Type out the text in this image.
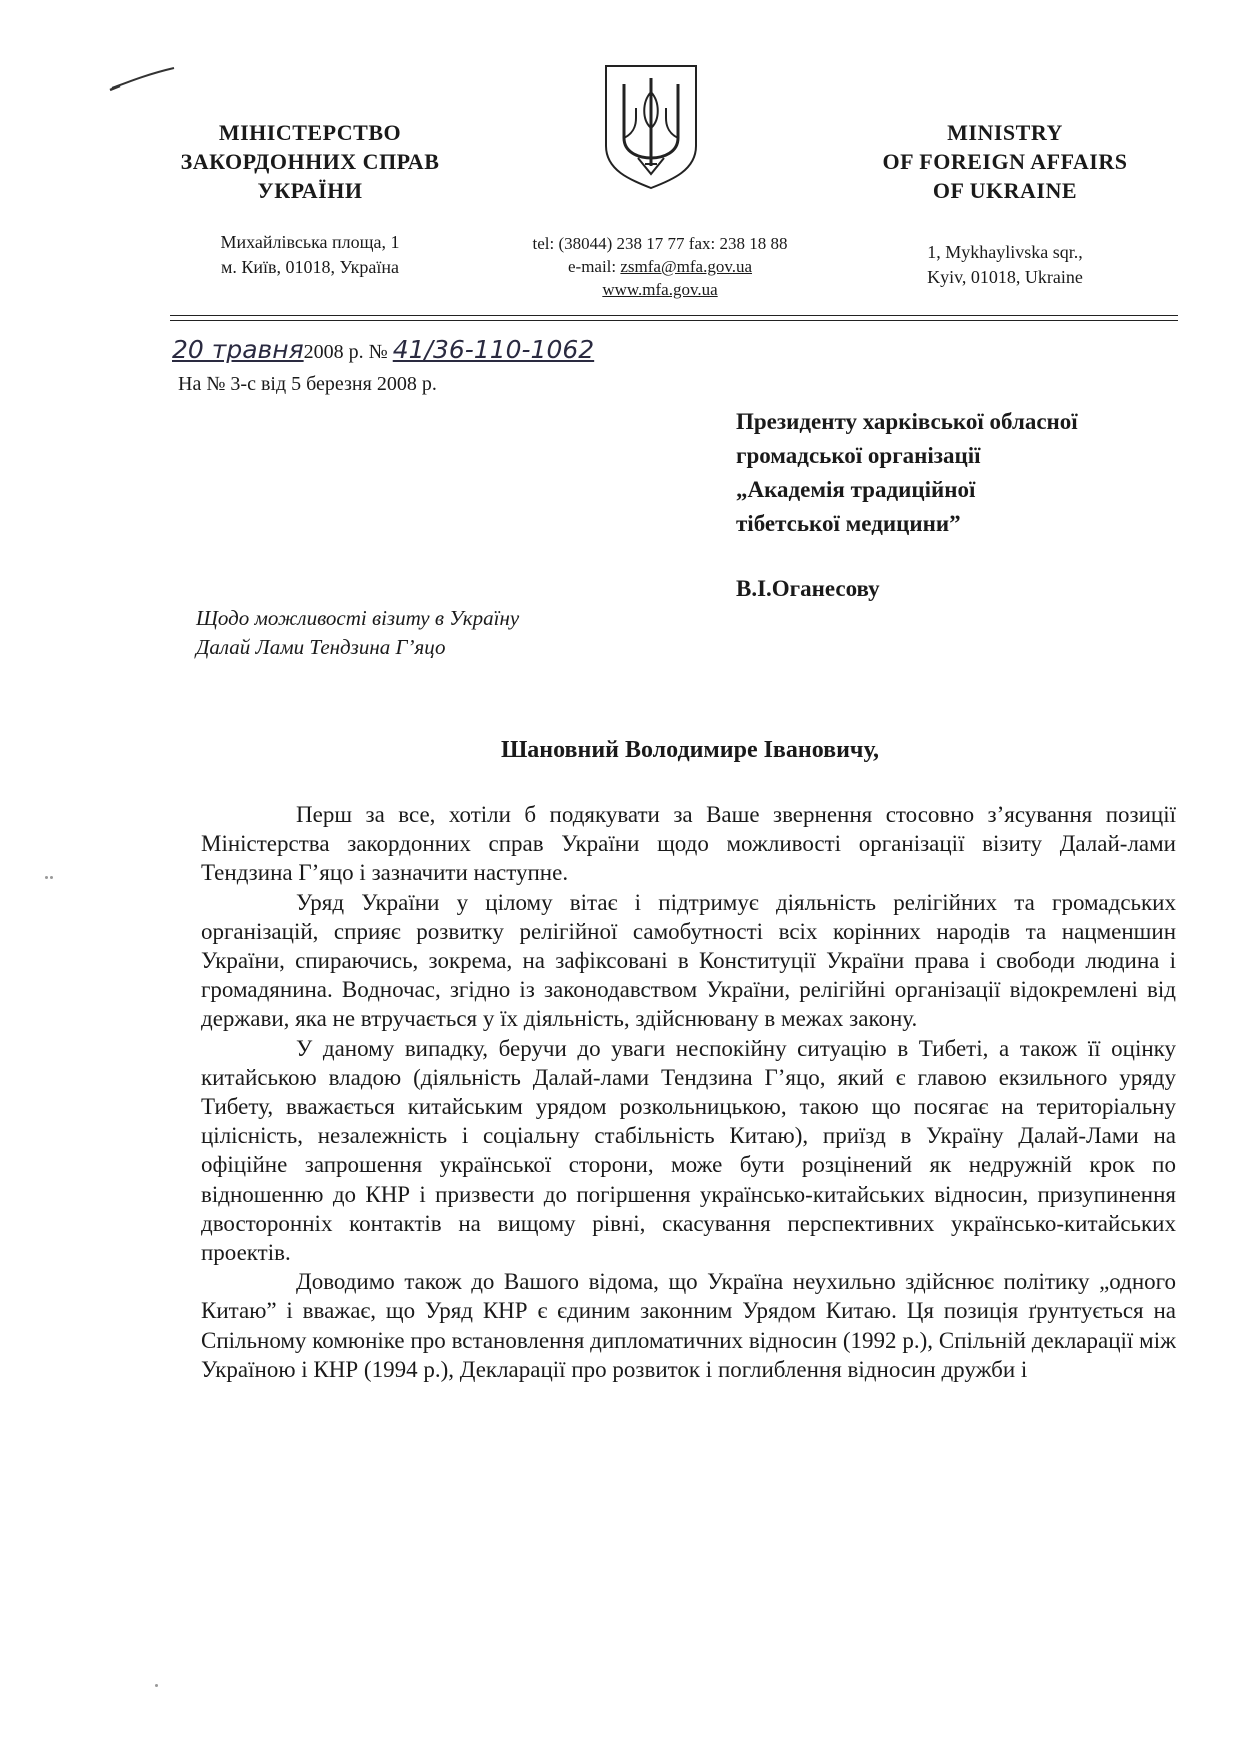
МІНІСТЕРСТВО
ЗАКОРДОННИХ СПРАВ
УКРАЇНИ
Михайлівська площа, 1
м. Київ, 01018, Україна
tel: (38044) 238 17 77 fax: 238 18 88
e-mail: zsmfa@mfa.gov.ua
www.mfa.gov.ua
MINISTRY
OF FOREIGN AFFAIRS
OF UKRAINE
1, Mykhaylivska sqr.,
Kyiv, 01018, Ukraine
20 травня2008 р. № 41/36-110-1062
На № 3-с від 5 березня 2008 р.
Президенту харківської обласної
громадської організації
„Академія традиційної
тібетської медицини”
В.І.Оганесову
Щодо можливості візиту в Україну
Далай Лами Тендзина Г’яцо
Шановний Володимире Івановичу,

Перш за все, хотіли б подякувати за Ваше звернення стосовно з’ясування позиції Міністерства закордонних справ України щодо можливості організації візиту Далай-лами Тендзина Г’яцо і зазначити наступне.

Уряд України у цілому вітає і підтримує діяльність релігійних та громадських організацій, сприяє розвитку релігійної самобутності всіх корінних народів та нацменшин України, спираючись, зокрема, на зафіксовані в Конституції України права і свободи людина і громадянина. Водночас, згідно із законодавством України, релігійні організації відокремлені від держави, яка не втручається у їх діяльність, здійснювану в межах закону.

У даному випадку, беручи до уваги неспокійну ситуацію в Тибеті, а також її оцінку китайською владою (діяльність Далай-лами Тендзина Г’яцо, який є главою екзильного уряду Тибету, вважається китайським урядом розкольницькою, такою що посягає на територіальну цілісність, незалежність і соціальну стабільність Китаю), приїзд в Україну Далай-Лами на офіційне запрошення української сторони, може бути розцінений як недружній крок по відношенню до КНР і призвести до погіршення українсько-китайських відносин, призупинення двосторонніх контактів на вищому рівні, скасування перспективних українсько-китайських проектів.

Доводимо також до Вашого відома, що Україна неухильно здійснює політику „одного Китаю” і вважає, що Уряд КНР є єдиним законним Урядом Китаю. Ця позиція ґрунтується на Спільному комюніке про встановлення дипломатичних відносин (1992 р.), Спільній декларації між Україною і КНР (1994 р.), Декларації про розвиток і поглиблення відносин дружби і
